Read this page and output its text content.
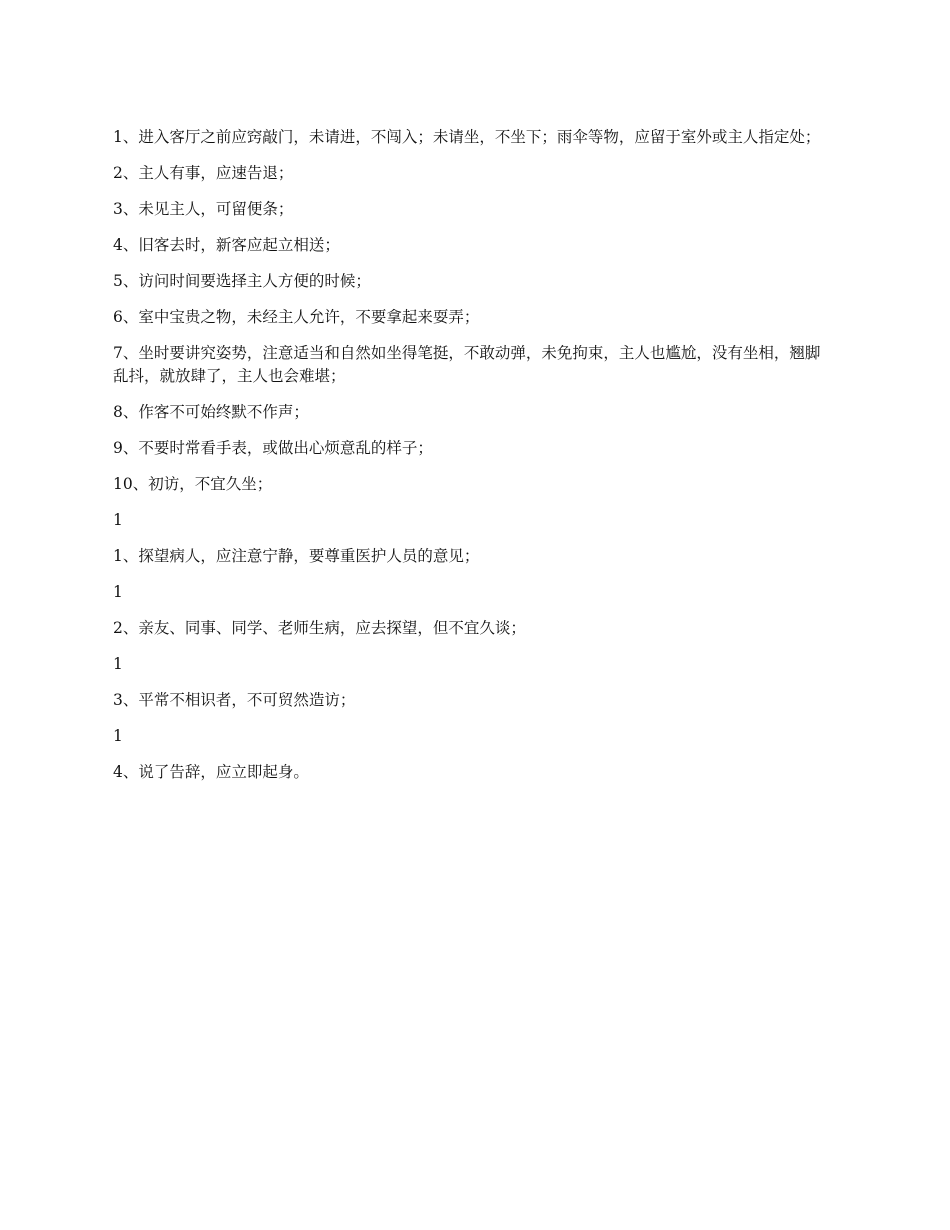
1、进入客厅之前应窍敲门，未请进，不闯入；未请坐，不坐下；雨伞等物，应留于室外或主人指定处；

2、主人有事，应速告退；

3、未见主人，可留便条；

4、旧客去时，新客应起立相送；

5、访问时间要选择主人方便的时候；

6、室中宝贵之物，未经主人允许，不要拿起来耍弄；

7、坐时要讲究姿势，注意适当和自然如坐得笔挺，不敢动弹，未免拘束，主人也尴尬，没有坐相，翘脚乱抖，就放肆了，主人也会难堪；

8、作客不可始终默不作声；

9、不要时常看手表，或做出心烦意乱的样子；

10、初访，不宜久坐；

1

1、探望病人，应注意宁静，要尊重医护人员的意见；

1

2、亲友、同事、同学、老师生病，应去探望，但不宜久谈；

1

3、平常不相识者，不可贸然造访；

1

4、说了告辞，应立即起身。
